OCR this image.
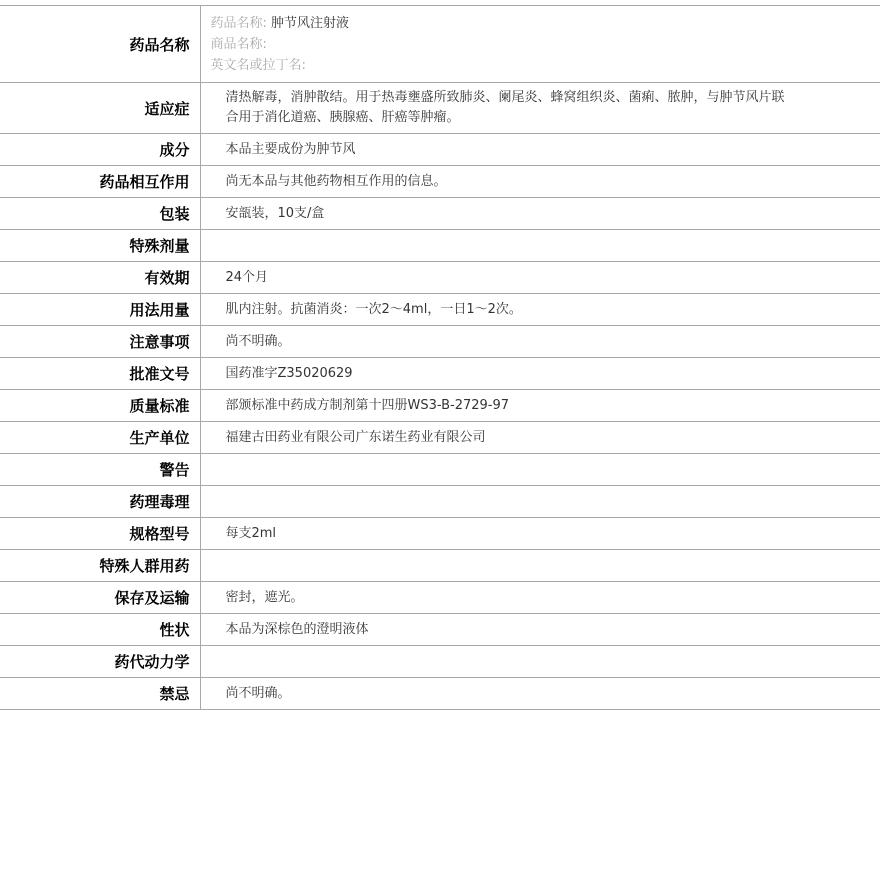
药品名称	药品名称: 肿节风注射液
商品名称:
英文名或拉丁名:

适应症	清热解毒，消肿散结。用于热毒壅盛所致肺炎、阑尾炎、蜂窝组织炎、菌痢、脓肿，与肿节风片联合用于消化道癌、胰腺癌、肝癌等肿瘤。
成分	本品主要成份为肿节风
药品相互作用	尚无本品与其他药物相互作用的信息。
包装	安瓿装，10支/盒
特殊剂量	
有效期	24个月
用法用量	肌内注射。抗菌消炎：一次2～4ml，一日1～2次。
注意事项	尚不明确。
批准文号	国药准字Z35020629
质量标准	部颁标准中药成方制剂第十四册WS3-B-2729-97
生产单位	福建古田药业有限公司广东诺生药业有限公司
警告	
药理毒理	
规格型号	每支2ml
特殊人群用药	
保存及运输	密封，遮光。
性状	本品为深棕色的澄明液体
药代动力学	
禁忌	尚不明确。
